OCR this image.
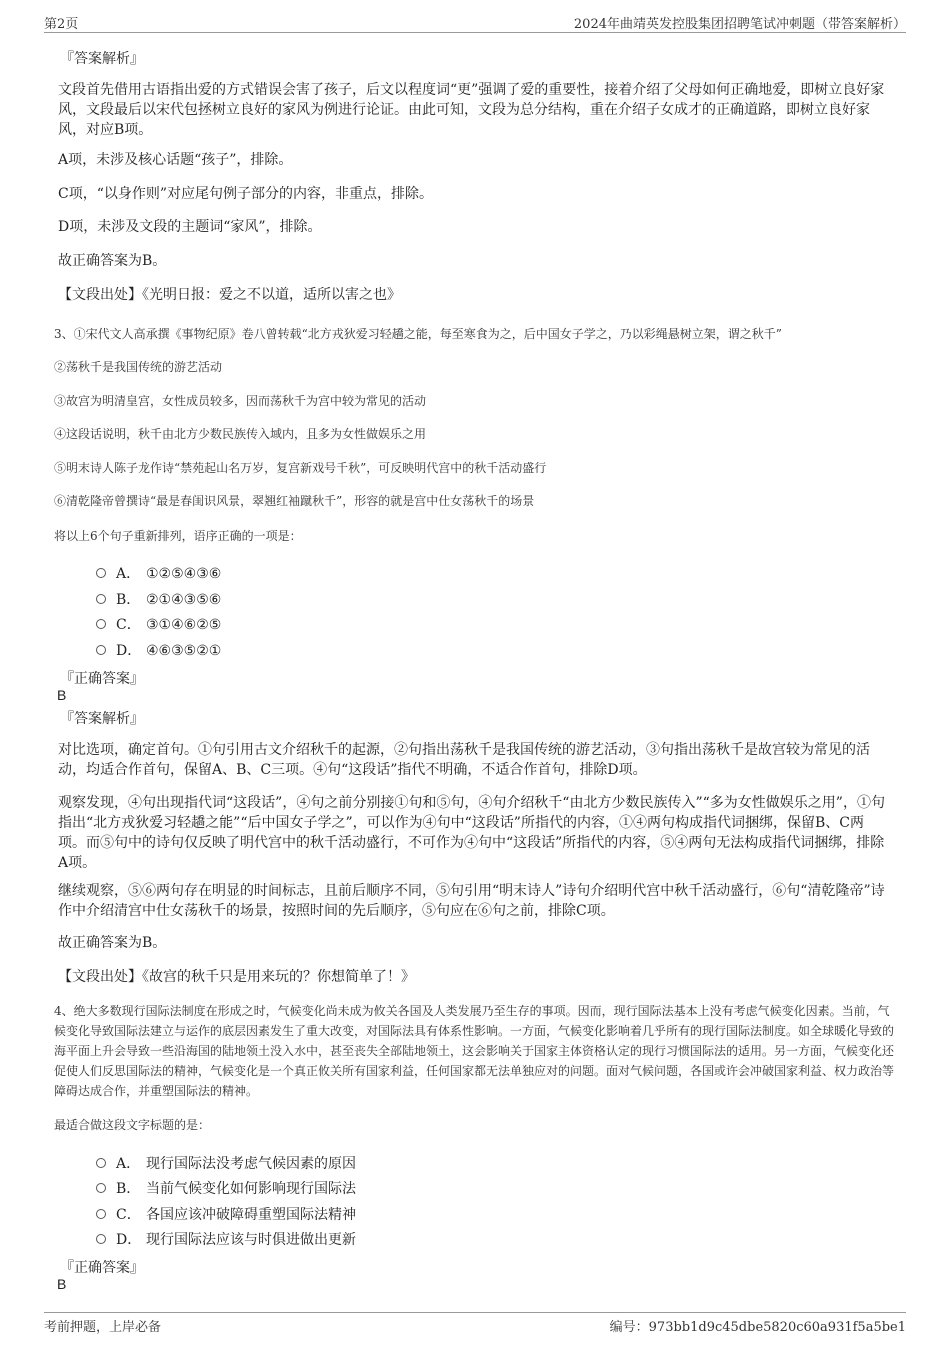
第2页	2024年曲靖英发控股集团招聘笔试冲刺题（带答案解析）
『答案解析』
文段首先借用古语指出爱的方式错误会害了孩子，后文以程度词“更”强调了爱的重要性，接着介绍了父母如何正确地爱，即树立良好家风，文段最后以宋代包拯树立良好的家风为例进行论证。由此可知，文段为总分结构，重在介绍子女成才的正确道路，即树立良好家风，对应B项。
A项，未涉及核心话题“孩子”，排除。
C项，“以身作则”对应尾句例子部分的内容，非重点，排除。
D项，未涉及文段的主题词“家风”，排除。
故正确答案为B。
【文段出处】《光明日报：爱之不以道，适所以害之也》
3、①宋代文人高承撰《事物纪原》卷八曾转载“北方戎狄爱习轻趫之能，每至寒食为之，后中国女子学之，乃以彩绳悬树立架，谓之秋千”
②荡秋千是我国传统的游艺活动
③故宫为明清皇宫，女性成员较多，因而荡秋千为宫中较为常见的活动
④这段话说明，秋千由北方少数民族传入域内，且多为女性做娱乐之用
⑤明末诗人陈子龙作诗“禁苑起山名万岁，复宫新戏号千秋”，可反映明代宫中的秋千活动盛行
⑥清乾隆帝曾撰诗“最是春闺识风景，翠翘红袖蹴秋千”，形容的就是宫中仕女荡秋千的场景
将以上6个句子重新排列，语序正确的一项是：
A． ①②⑤④③⑥
B． ②①④③⑤⑥
C． ③①④⑥②⑤
D． ④⑥③⑤②①
『正确答案』
B
『答案解析』
对比选项，确定首句。①句引用古文介绍秋千的起源，②句指出荡秋千是我国传统的游艺活动，③句指出荡秋千是故宫较为常见的活动，均适合作首句，保留A、B、C三项。④句“这段话”指代不明确，不适合作首句，排除D项。
观察发现，④句出现指代词“这段话”，④句之前分别接①句和⑤句，④句介绍秋千“由北方少数民族传入”“多为女性做娱乐之用”，①句指出“北方戎狄爱习轻趫之能”“后中国女子学之”，可以作为④句中“这段话”所指代的内容，①④两句构成指代词捆绑，保留B、C两项。而⑤句中的诗句仅反映了明代宫中的秋千活动盛行，不可作为④句中“这段话”所指代的内容，⑤④两句无法构成指代词捆绑，排除A项。
继续观察，⑤⑥两句存在明显的时间标志，且前后顺序不同，⑤句引用“明末诗人”诗句介绍明代宫中秋千活动盛行，⑥句“清乾隆帝”诗作中介绍清宫中仕女荡秋千的场景，按照时间的先后顺序，⑤句应在⑥句之前，排除C项。
故正确答案为B。
【文段出处】《故宫的秋千只是用来玩的？你想简单了！》
4、绝大多数现行国际法制度在形成之时，气候变化尚未成为攸关各国及人类发展乃至生存的事项。因而，现行国际法基本上没有考虑气候变化因素。当前，气候变化导致国际法建立与运作的底层因素发生了重大改变，对国际法具有体系性影响。一方面，气候变化影响着几乎所有的现行国际法制度。如全球暖化导致的海平面上升会导致一些沿海国的陆地领土没入水中，甚至丧失全部陆地领土，这会影响关于国家主体资格认定的现行习惯国际法的适用。另一方面，气候变化还促使人们反思国际法的精神，气候变化是一个真正攸关所有国家利益，任何国家都无法单独应对的问题。面对气候问题，各国或许会冲破国家利益、权力政治等障碍达成合作，并重塑国际法的精神。
最适合做这段文字标题的是：
A． 现行国际法没考虑气候因素的原因
B． 当前气候变化如何影响现行国际法
C． 各国应该冲破障碍重塑国际法精神
D． 现行国际法应该与时俱进做出更新
『正确答案』
B
考前押题，上岸必备	编号：973bb1d9c45dbe5820c60a931f5a5be1
